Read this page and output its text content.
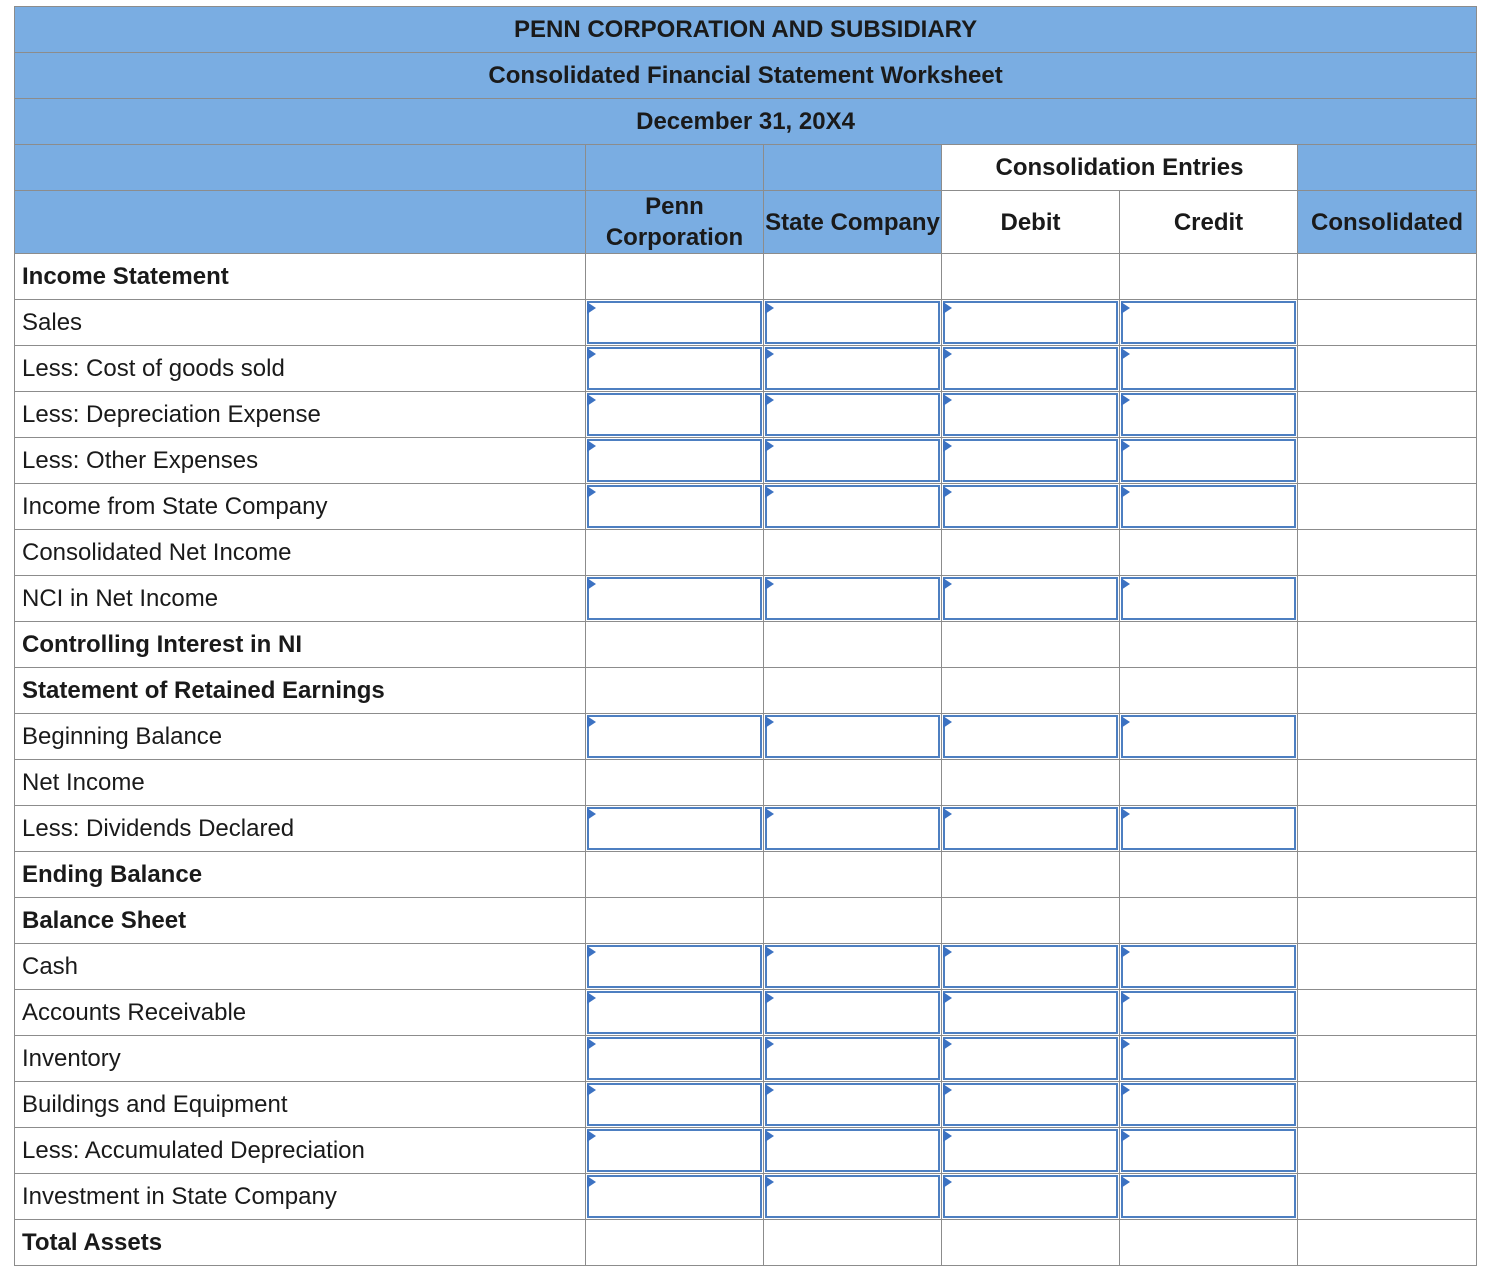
PENN CORPORATION AND SUBSIDIARY					
Consolidated Financial Statement Worksheet					
December 31, 20X4					
			Consolidation Entries		
	Penn Corporation	State Company	Debit	Credit	Consolidated
Income Statement					
Sales	

Less: Cost of goods sold	

Less: Depreciation Expense	

Less: Other Expenses	

Income from State Company	

Consolidated Net Income					
NCI in Net Income	

Controlling Interest in NI					
Statement of Retained Earnings					
Beginning Balance	

Net Income					
Less: Dividends Declared	

Ending Balance					
Balance Sheet					
Cash	

Accounts Receivable	

Inventory	

Buildings and Equipment	

Less: Accumulated Depreciation	

Investment in State Company	

Total Assets					
